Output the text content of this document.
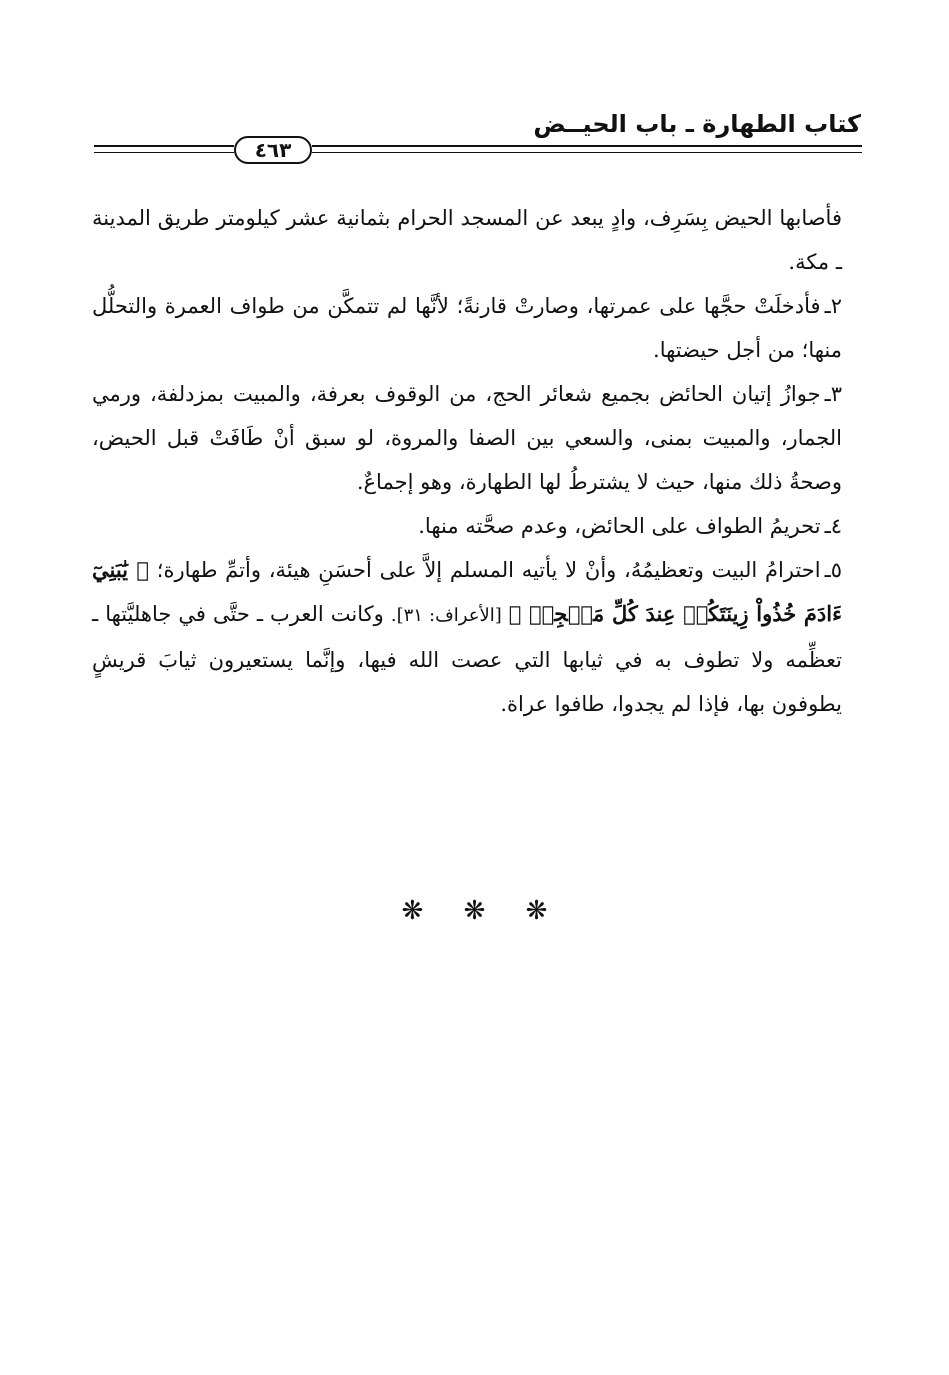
كتاب الطهارة ـ باب الحيــض
٤٦٣

فأصابها الحيض بِسَرِف، وادٍ يبعد عن المسجد الحرام بثمانية عشر كيلومتر طريق المدينة ـ مكة.

٢ـفأدخلَتْ حجَّها على عمرتها، وصارتْ قارنةً؛ لأنَّها لم تتمكَّن من طواف العمرة والتحلُّل منها؛ من أجل حيضتها.

٣ـجوازُ إتيان الحائض بجميع شعائر الحج، من الوقوف بعرفة، والمبيت بمزدلفة، ورمي الجمار، والمبيت بمنى، والسعي بين الصفا والمروة، لو سبق أنْ طَافَتْ قبل الحيض، وصحةُ ذلك منها، حيث لا يشترطُ لها الطهارة، وهو إجماعٌ.

٤ـتحريمُ الطواف على الحائض، وعدم صحَّته منها.

٥ـاحترامُ البيت وتعظيمُهُ، وأنْ لا يأتيه المسلم إلاَّ على أحسَنِ هيئة، وأتمِّ طهارة؛ ﴿ يَٰبَنِيٓ ءَادَمَ خُذُواْ زِينَتَكُمۡ عِندَ كُلِّ مَسۡجِدٖ ﴾ [الأعراف: ٣١]. وكانت العرب ـ حتَّى في جاهليَّتها ـ تعظِّمه ولا تطوف به في ثيابها التي عصت الله فيها، وإنَّما يستعيرون ثيابَ قريشٍ يطوفون بها، فإذا لم يجدوا، طافوا عراة.

❋ ❋ ❋
